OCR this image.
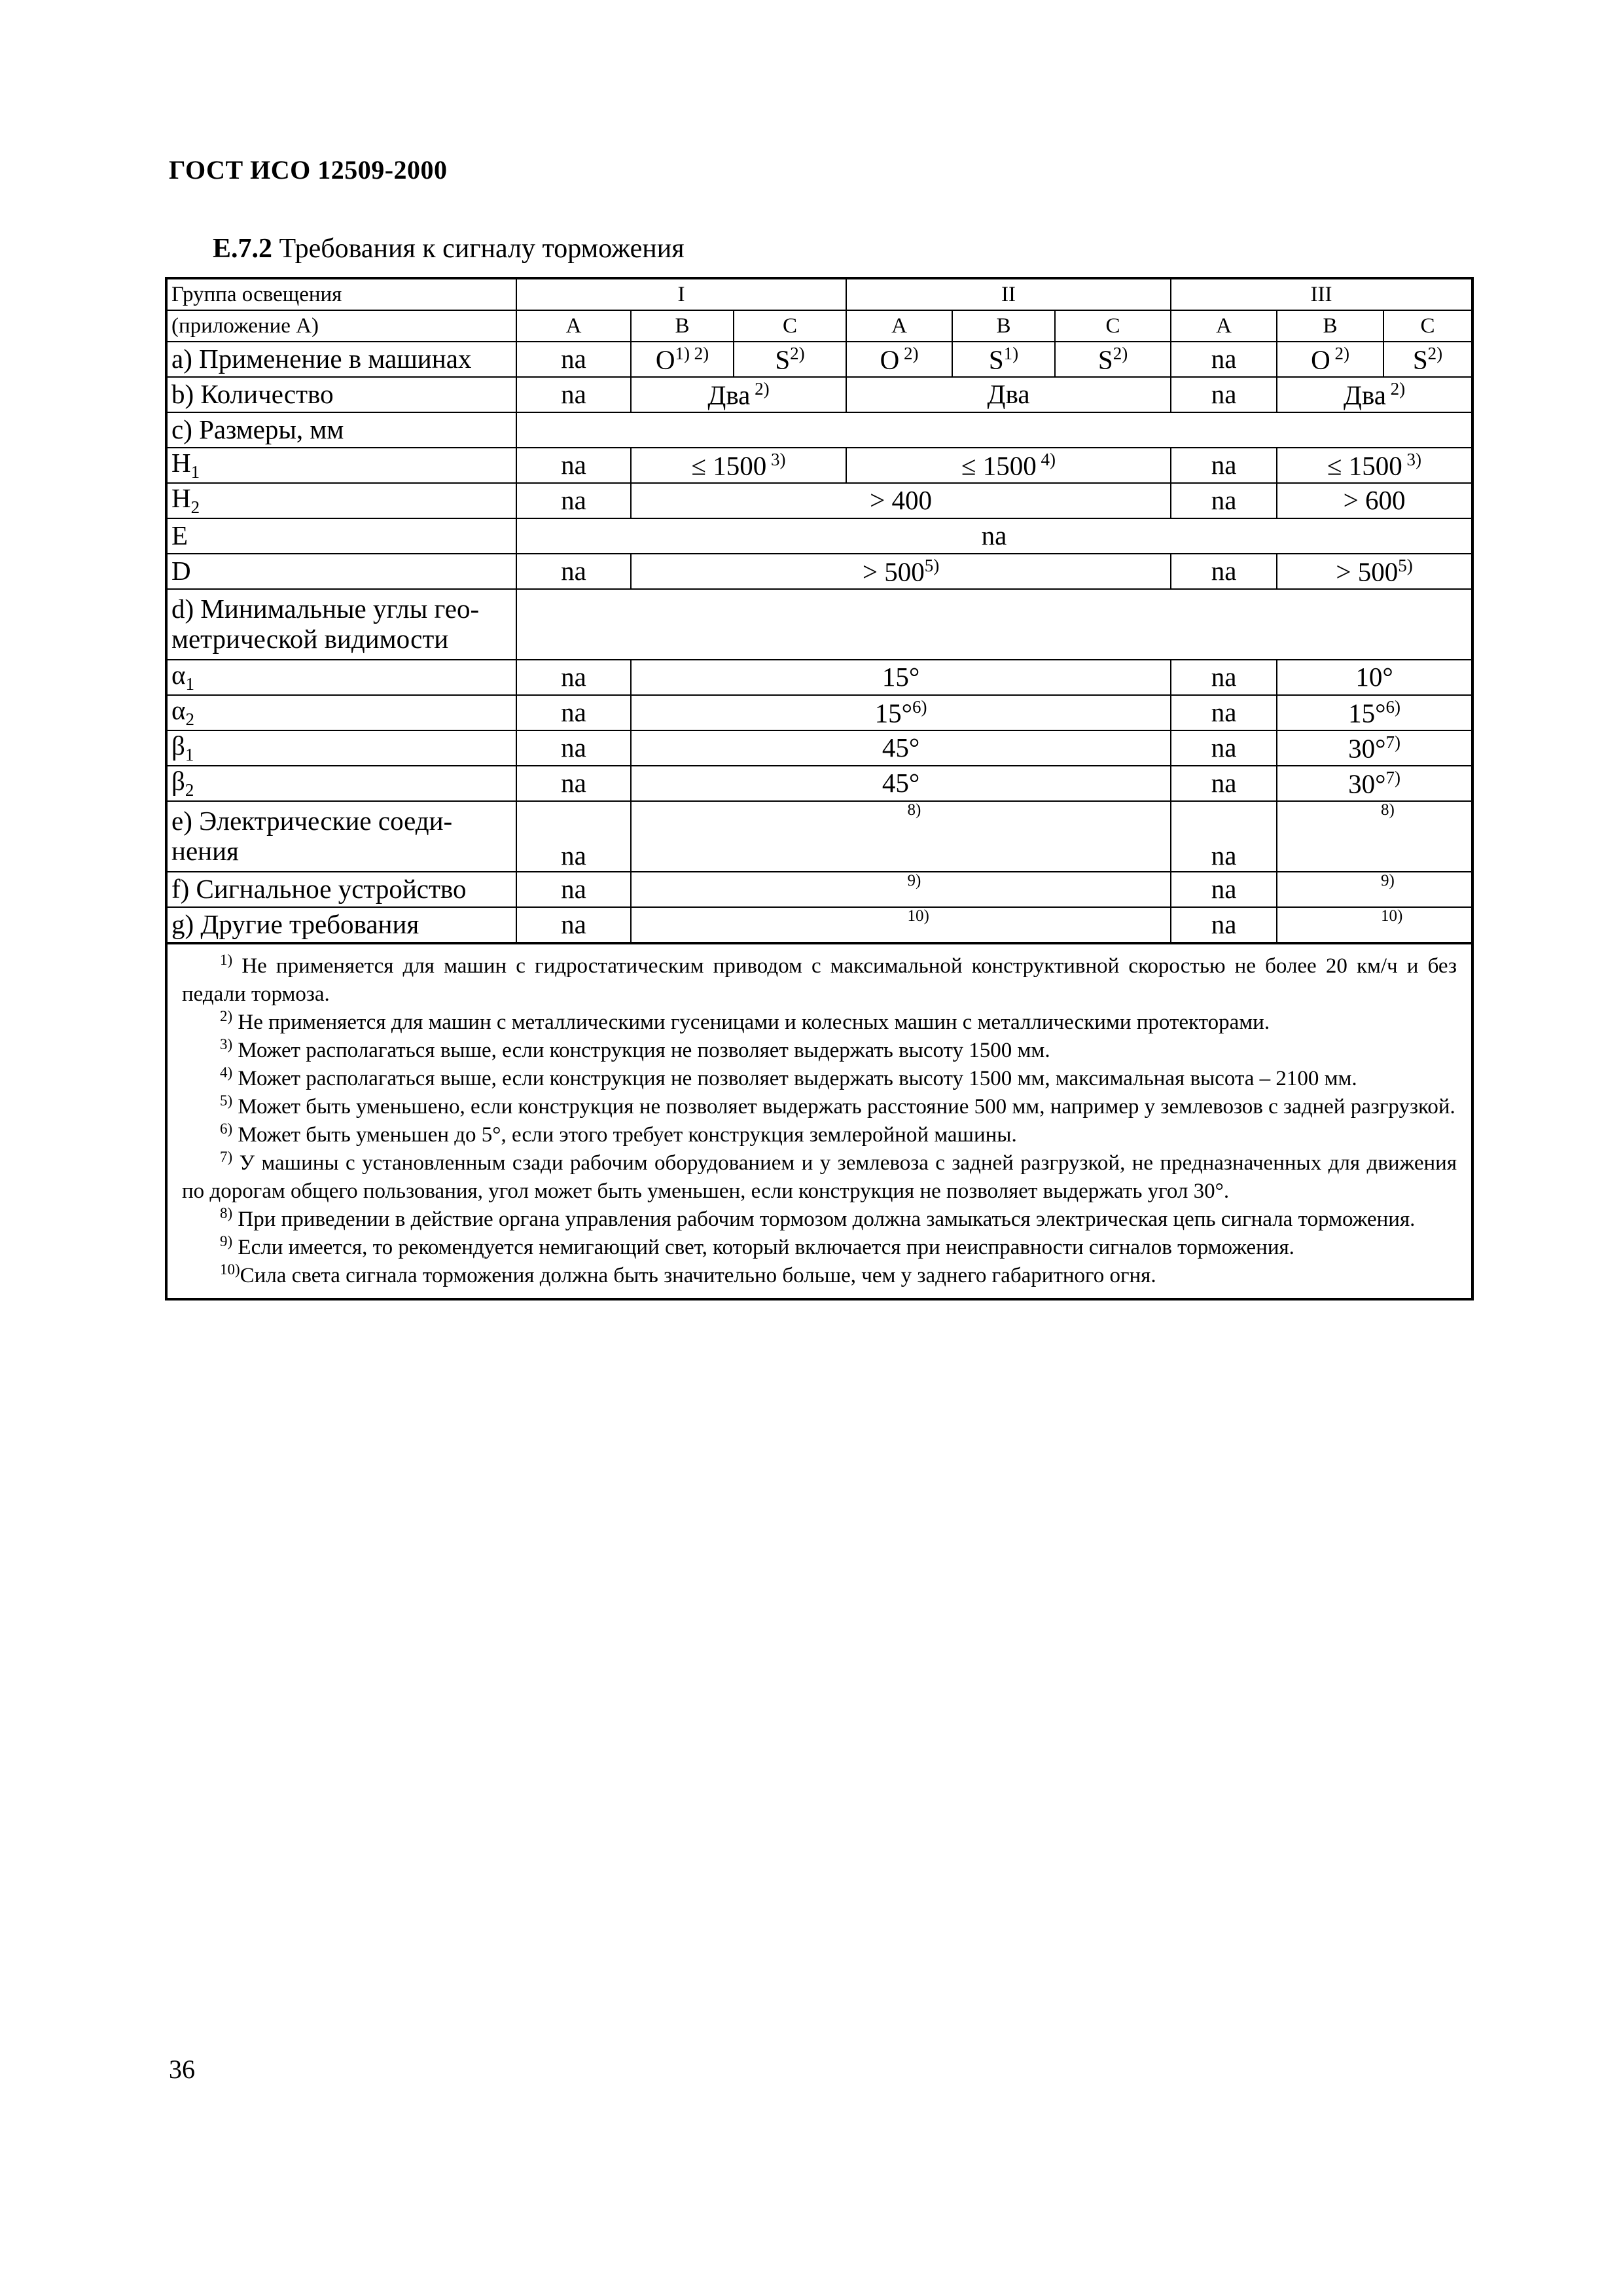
ГОСТ ИСО 12509-2000
E.7.2 Требования к сигналу торможения
Группа освещения	I			II			III		
(приложение А)	A	B	C	A	B	C	A	B	C
a) Применение в машинах	na	O$^{1) 2)}$	S$^{2)}$	O $^{2)}$	S$^{1)}$	S$^{2)}$	na	O $^{2)}$	S$^{2)}$
b) Количество	na	Два $^{2)}$		Два			na	Два $^{2)}$
c) Размеры, мм									
$H_1$	na	≤ 1500 $^{3)}$		≤ 1500 $^{4)}$			na	≤ 1500 $^{3)}$
$H_2$	na	> 400					na	> 600	
E	na								
D	na	> 500$^{5)}$					na	> 500$^{5)}$
d) Минимальные углы гео-
метрической видимости									
$\alpha_1$	na	15°					na	10°	
$\alpha_2$	na	15°$^{6)}$					na	15°$^{6)}$
$\beta_1$	na	45°					na	30°$^{7)}$
$\beta_2$	na	45°					na	30°$^{7)}$
e) Электрические соеди-
нения	na	8)					na	8)	

f) Сигнальное устройство	na	9)					na	9)	

g) Другие требования	na	10)					na	10)	

$^{1)}$ Не применяется для машин с гидростатическим приводом с максимальной конструктивной скоростью не более 20 км/ч и без педали тормоза.

$^{2)}$ Не применяется для машин с металлическими гусеницами и колесных машин с металлическими протекторами.

$^{3)}$ Может располагаться выше, если конструкция не позволяет выдержать высоту 1500 мм.

$^{4)}$ Может располагаться выше, если конструкция не позволяет выдержать высоту 1500 мм, максимальная высота – 2100 мм.

$^{5)}$ Может быть уменьшено, если конструкция не позволяет выдержать расстояние 500 мм, например у землевозов с задней разгрузкой.

$^{6)}$ Может быть уменьшен до 5°, если этого требует конструкция землеройной машины.

$^{7)}$ У машины с установленным сзади рабочим оборудованием и у землевоза с задней разгрузкой, не предназначенных для движения по дорогам общего пользования, угол может быть уменьшен, если конструкция не позволяет выдержать угол 30°.

$^{8)}$ При приведении в действие органа управления рабочим тормозом должна замыкаться электрическая цепь сигнала торможения.

$^{9)}$ Если имеется, то рекомендуется немигающий свет, который включается при неисправности сигналов торможения.

$^{10)}$Сила света сигнала торможения должна быть значительно больше, чем у заднего габаритного огня.

36
